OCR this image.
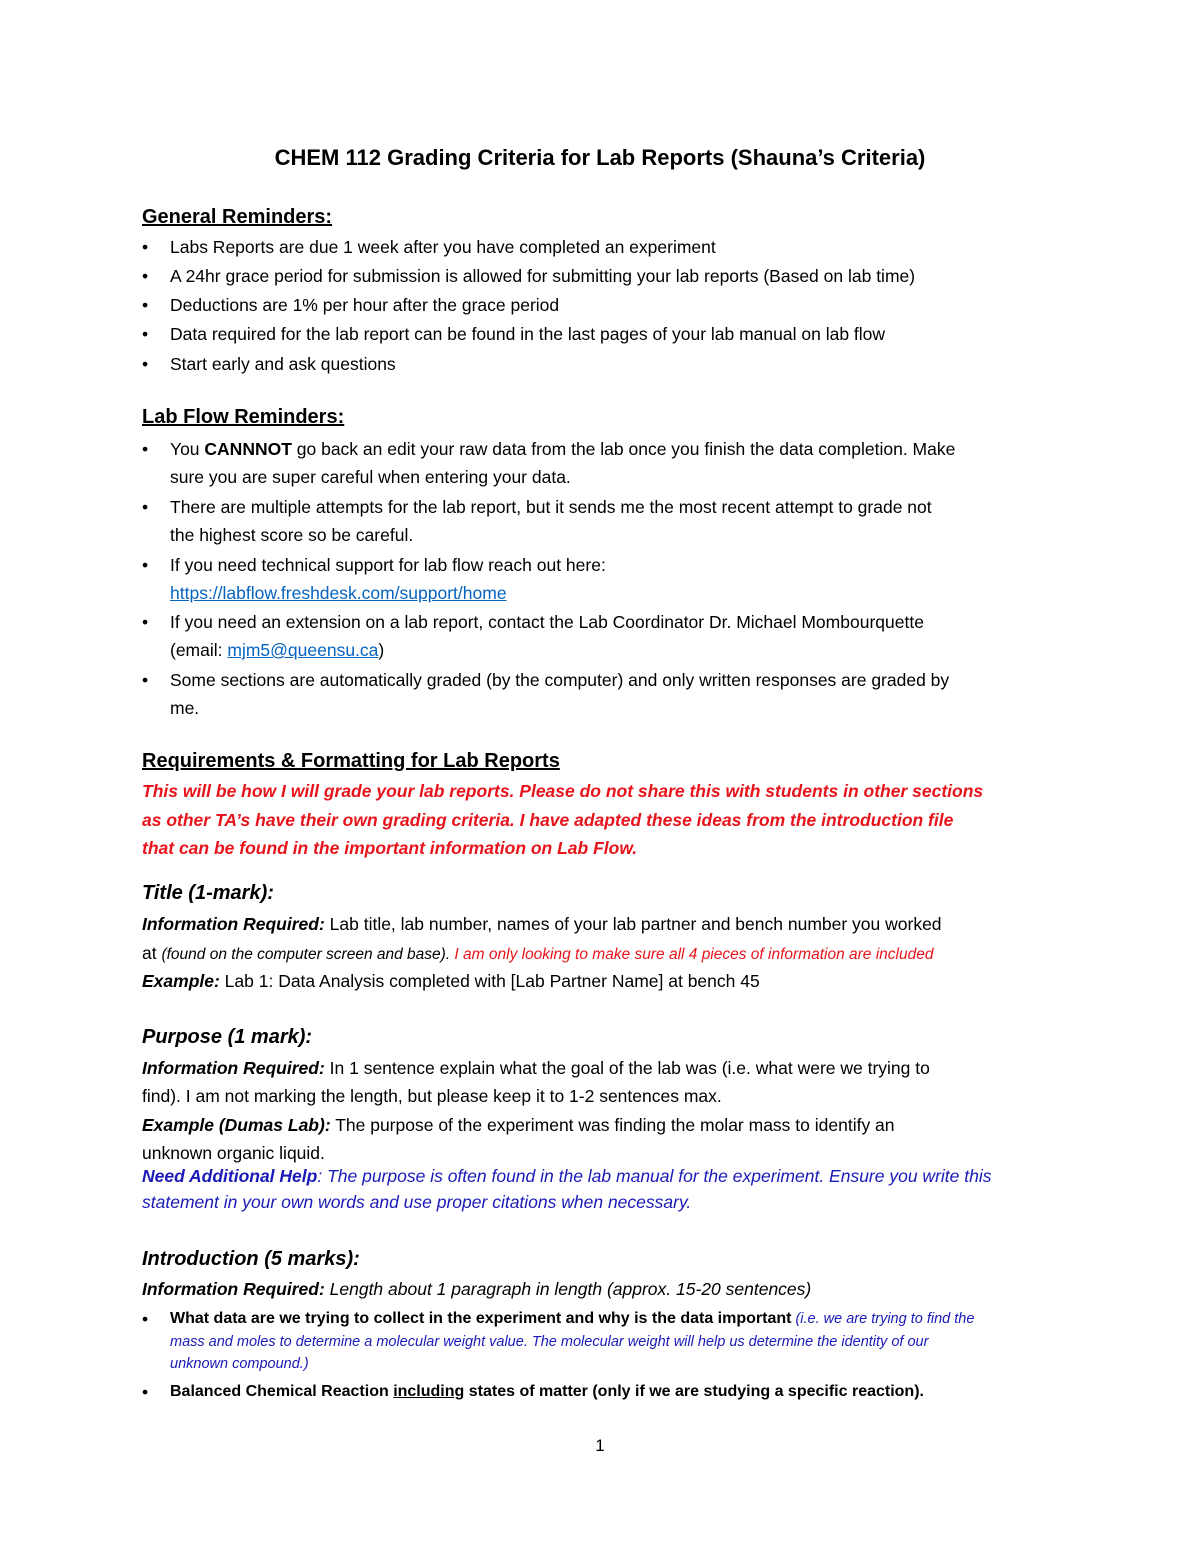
CHEM 112 Grading Criteria for Lab Reports (Shauna’s Criteria)
General Reminders:
• Labs Reports are due 1 week after you have completed an experiment
• A 24hr grace period for submission is allowed for submitting your lab reports (Based on lab time)
• Deductions are 1% per hour after the grace period
• Data required for the lab report can be found in the last pages of your lab manual on lab flow
• Start early and ask questions
Lab Flow Reminders:
• You CANNNOT go back an edit your raw data from the lab once you finish the data completion. Make
sure you are super careful when entering your data.
• There are multiple attempts for the lab report, but it sends me the most recent attempt to grade not
the highest score so be careful.
• If you need technical support for lab flow reach out here:
https://labflow.freshdesk.com/support/home
• If you need an extension on a lab report, contact the Lab Coordinator Dr. Michael Mombourquette
(email: mjm5@queensu.ca)
• Some sections are automatically graded (by the computer) and only written responses are graded by
me.
Requirements & Formatting for Lab Reports
This will be how I will grade your lab reports. Please do not share this with students in other sections
as other TA’s have their own grading criteria. I have adapted these ideas from the introduction file
that can be found in the important information on Lab Flow.
Title (1-mark):
Information Required: Lab title, lab number, names of your lab partner and bench number you worked
at (found on the computer screen and base). I am only looking to make sure all 4 pieces of information are included
Example: Lab 1: Data Analysis completed with [Lab Partner Name] at bench 45
Purpose (1 mark):
Information Required: In 1 sentence explain what the goal of the lab was (i.e. what were we trying to
find). I am not marking the length, but please keep it to 1-2 sentences max.
Example (Dumas Lab): The purpose of the experiment was finding the molar mass to identify an
unknown organic liquid.
Need Additional Help: The purpose is often found in the lab manual for the experiment. Ensure you write this
statement in your own words and use proper citations when necessary.
Introduction (5 marks):
Information Required: Length about 1 paragraph in length (approx. 15-20 sentences)
• What data are we trying to collect in the experiment and why is the data important (i.e. we are trying to find the
mass and moles to determine a molecular weight value. The molecular weight will help us determine the identity of our
unknown compound.)
• Balanced Chemical Reaction including states of matter (only if we are studying a specific reaction).
1
